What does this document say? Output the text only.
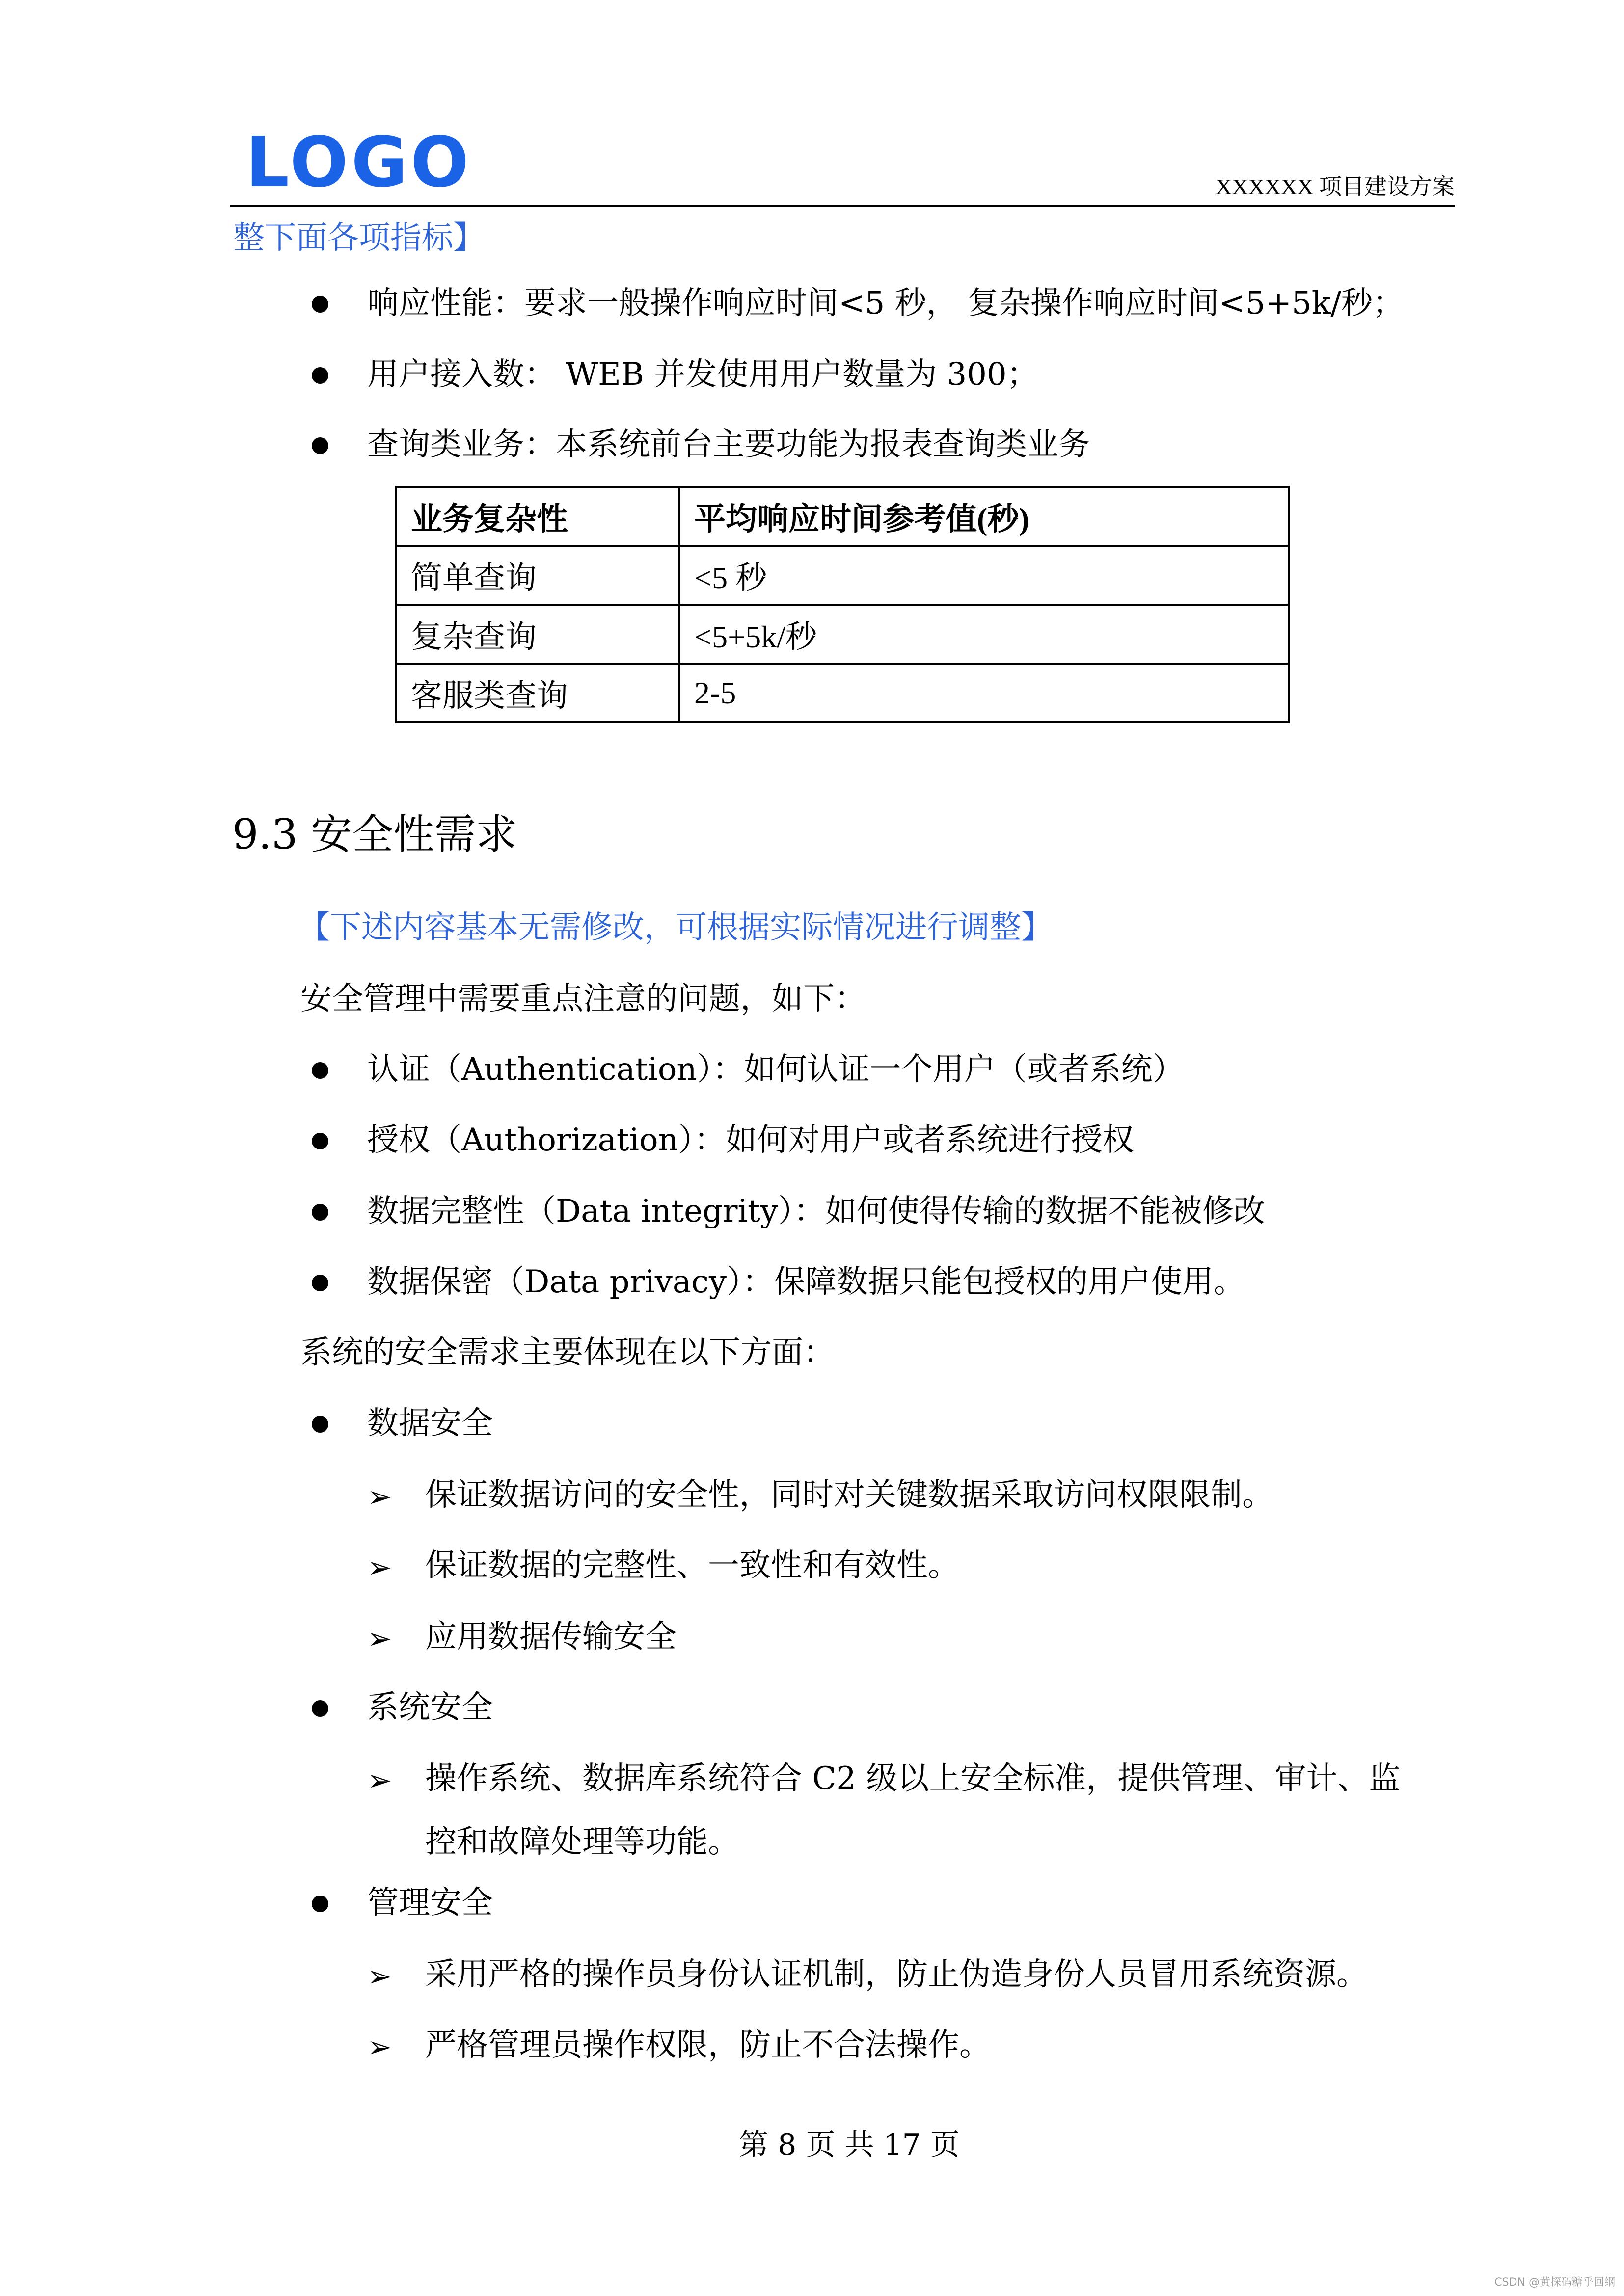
LOGO	XXXXXX 项目建设方案
整下面各项指标】
响应性能：要求一般操作响应时间<5 秒， 复杂操作响应时间<5+5k/秒；
用户接入数： WEB 并发使用用户数量为 300；
查询类业务：本系统前台主要功能为报表查询类业务
业务复杂性	平均响应时间参考值(秒)
简单查询	<5 秒
复杂查询	<5+5k/秒
客服类查询	2-5
9.3 安全性需求
【下述内容基本无需修改，可根据实际情况进行调整】
安全管理中需要重点注意的问题，如下：
认证（Authentication）：如何认证一个用户（或者系统）
授权（Authorization）：如何对用户或者系统进行授权
数据完整性（Data integrity）：如何使得传输的数据不能被修改
数据保密（Data privacy）：保障数据只能包授权的用户使用。
系统的安全需求主要体现在以下方面：
数据安全
➢ 保证数据访问的安全性，同时对关键数据采取访问权限限制。
➢ 保证数据的完整性、一致性和有效性。
➢ 应用数据传输安全
系统安全
➢ 操作系统、数据库系统符合 C2 级以上安全标准，提供管理、审计、监
控和故障处理等功能。
管理安全
➢ 采用严格的操作员身份认证机制，防止伪造身份人员冒用系统资源。
➢ 严格管理员操作权限，防止不合法操作。
第 8 页 共 17 页
CSDN @黄探码糖乎回纲
